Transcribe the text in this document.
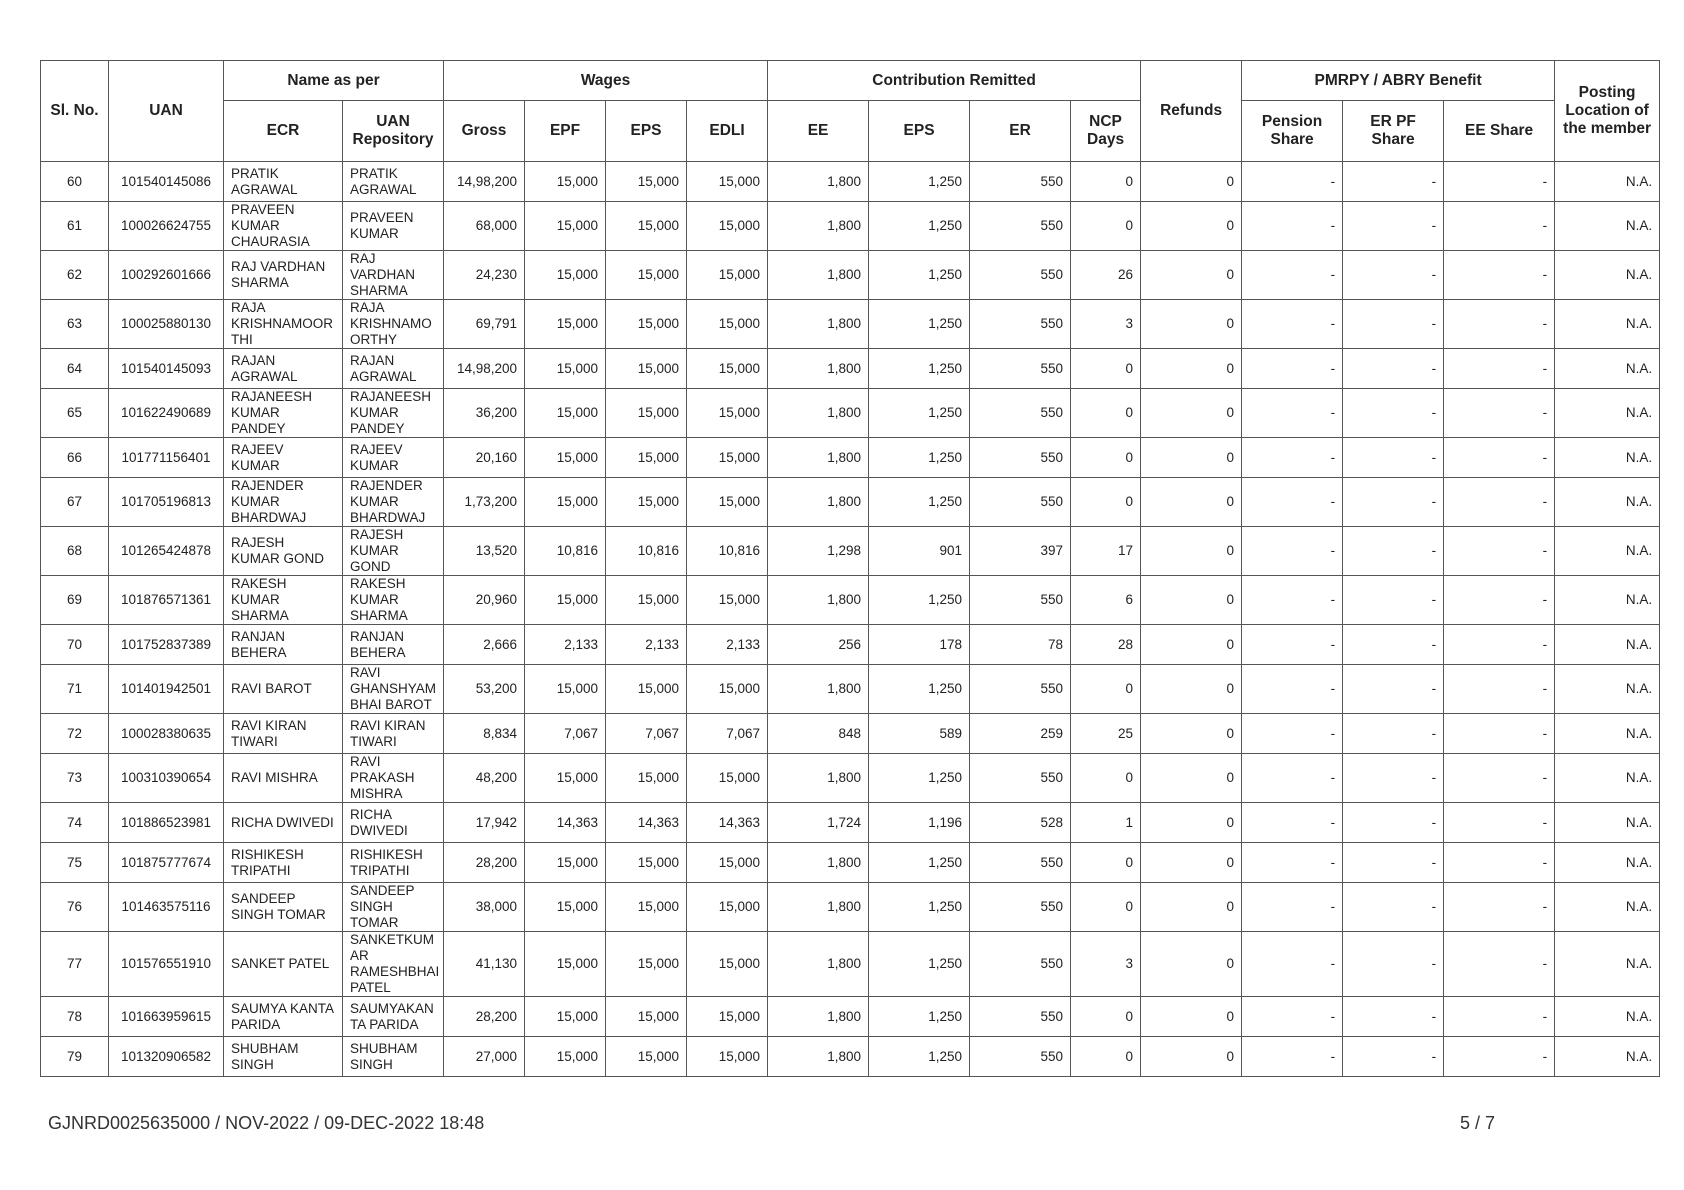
Sl. No.	UAN	Name as per		Wages				Contribution Remitted				Refunds	PMRPY / ABRY Benefit			Posting Location of the member
		ECR	UAN Repository	Gross	EPF	EPS	EDLI	EE	EPS	ER	NCP Days		Pension Share	ER PF Share	EE Share	
60	101540145086	PRATIK AGRAWAL	PRATIK AGRAWAL	14,98,200	15,000	15,000	15,000	1,800	1,250	550	0	0	-	-	-	N.A.
61	100026624755	PRAVEEN KUMAR CHAURASIA	PRAVEEN KUMAR	68,000	15,000	15,000	15,000	1,800	1,250	550	0	0	-	-	-	N.A.
62	100292601666	RAJ VARDHAN SHARMA	RAJ VARDHAN SHARMA	24,230	15,000	15,000	15,000	1,800	1,250	550	26	0	-	-	-	N.A.
63	100025880130	RAJA KRISHNAMOOR THI	RAJA KRISHNAMO ORTHY	69,791	15,000	15,000	15,000	1,800	1,250	550	3	0	-	-	-	N.A.
64	101540145093	RAJAN AGRAWAL	RAJAN AGRAWAL	14,98,200	15,000	15,000	15,000	1,800	1,250	550	0	0	-	-	-	N.A.
65	101622490689	RAJANEESH KUMAR PANDEY	RAJANEESH KUMAR PANDEY	36,200	15,000	15,000	15,000	1,800	1,250	550	0	0	-	-	-	N.A.
66	101771156401	RAJEEV KUMAR	RAJEEV KUMAR	20,160	15,000	15,000	15,000	1,800	1,250	550	0	0	-	-	-	N.A.
67	101705196813	RAJENDER KUMAR BHARDWAJ	RAJENDER KUMAR BHARDWAJ	1,73,200	15,000	15,000	15,000	1,800	1,250	550	0	0	-	-	-	N.A.
68	101265424878	RAJESH KUMAR GOND	RAJESH KUMAR GOND	13,520	10,816	10,816	10,816	1,298	901	397	17	0	-	-	-	N.A.
69	101876571361	RAKESH KUMAR SHARMA	RAKESH KUMAR SHARMA	20,960	15,000	15,000	15,000	1,800	1,250	550	6	0	-	-	-	N.A.
70	101752837389	RANJAN BEHERA	RANJAN BEHERA	2,666	2,133	2,133	2,133	256	178	78	28	0	-	-	-	N.A.
71	101401942501	RAVI BAROT	RAVI GHANSHYAM BHAI BAROT	53,200	15,000	15,000	15,000	1,800	1,250	550	0	0	-	-	-	N.A.
72	100028380635	RAVI KIRAN TIWARI	RAVI KIRAN TIWARI	8,834	7,067	7,067	7,067	848	589	259	25	0	-	-	-	N.A.
73	100310390654	RAVI MISHRA	RAVI PRAKASH MISHRA	48,200	15,000	15,000	15,000	1,800	1,250	550	0	0	-	-	-	N.A.
74	101886523981	RICHA DWIVEDI	RICHA DWIVEDI	17,942	14,363	14,363	14,363	1,724	1,196	528	1	0	-	-	-	N.A.
75	101875777674	RISHIKESH TRIPATHI	RISHIKESH TRIPATHI	28,200	15,000	15,000	15,000	1,800	1,250	550	0	0	-	-	-	N.A.
76	101463575116	SANDEEP SINGH TOMAR	SANDEEP SINGH TOMAR	38,000	15,000	15,000	15,000	1,800	1,250	550	0	0	-	-	-	N.A.
77	101576551910	SANKET PATEL	SANKETKUM AR RAMESHBHAI PATEL	41,130	15,000	15,000	15,000	1,800	1,250	550	3	0	-	-	-	N.A.
78	101663959615	SAUMYA KANTA PARIDA	SAUMYAKAN TA PARIDA	28,200	15,000	15,000	15,000	1,800	1,250	550	0	0	-	-	-	N.A.
79	101320906582	SHUBHAM SINGH	SHUBHAM SINGH	27,000	15,000	15,000	15,000	1,800	1,250	550	0	0	-	-	-	N.A.
GJNRD0025635000 / NOV-2022 / 09-DEC-2022 18:48	5 / 7
